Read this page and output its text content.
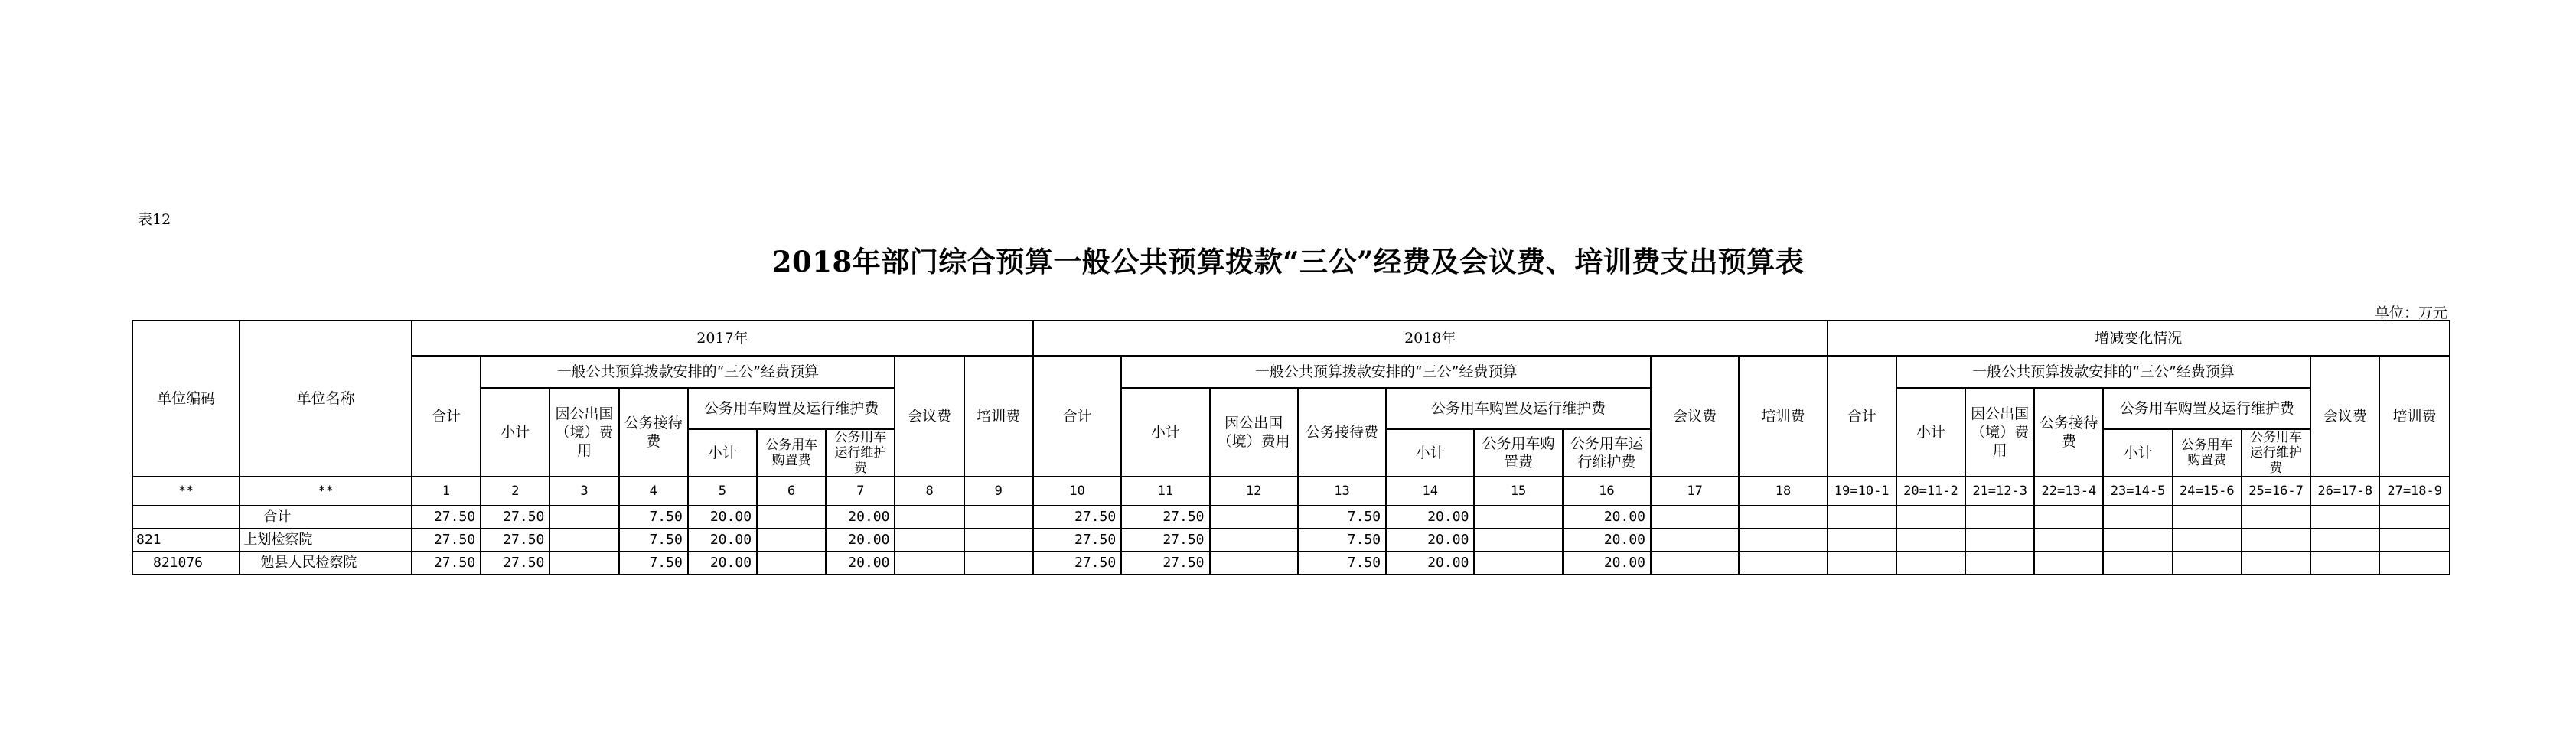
表12
2018年部门综合预算一般公共预算拨款“三公”经费及会议费、培训费支出预算表
单位：万元
单位编码	单位名称	2017年									2018年									增减变化情况								
		合计	一般公共预算拨款安排的“三公”经费预算						会议费	培训费	合计	一般公共预算拨款安排的“三公”经费预算						会议费	培训费	合计	一般公共预算拨款安排的“三公”经费预算						会议费	培训费
			小计	因公出国（境）费用	公务接待费	公务用车购置及运行维护费						小计	因公出国（境）费用	公务接待费	公务用车购置及运行维护费						小计	因公出国（境）费用	公务接待费	公务用车购置及运行维护费				
						小计	公务用车购置费	公务用车运行维护费							小计	公务用车购置费	公务用车运行维护费							小计	公务用车购置费	公务用车运行维护费		
**	**	1	2	3	4	5	6	7	8	9	10	11	12	13	14	15	16	17	18	19=10-1	20=11-2	21=12-3	22=13-4	23=14-5	24=15-6	25=16-7	26=17-8	27=18-9
	合计	27.50	27.50		7.50	20.00		20.00			27.50	27.50		7.50	20.00		20.00											
821	上划检察院	27.50	27.50		7.50	20.00		20.00			27.50	27.50		7.50	20.00		20.00											
821076	勉县人民检察院	27.50	27.50		7.50	20.00		20.00			27.50	27.50		7.50	20.00		20.00											
